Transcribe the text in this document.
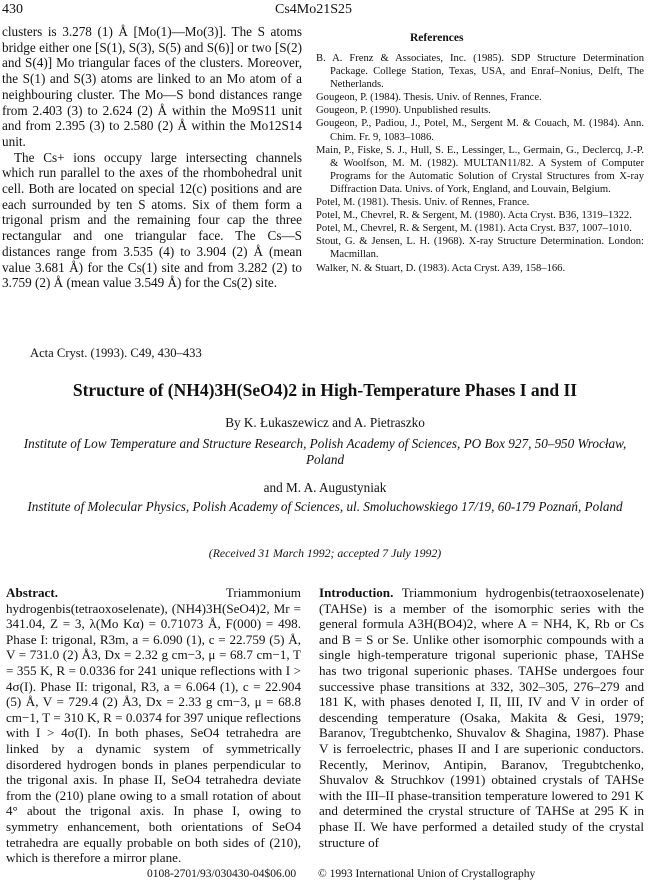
430	Cs4Mo21S25

clusters is 3.278 (1) Å [Mo(1)—Mo(3)]. The S atoms bridge either one [S(1), S(3), S(5) and S(6)] or two [S(2) and S(4)] Mo triangular faces of the clusters. Moreover, the S(1) and S(3) atoms are linked to an Mo atom of a neighbouring cluster. The Mo—S bond distances range from 2.403 (3) to 2.624 (2) Å within the Mo9S11 unit and from 2.395 (3) to 2.580 (2) Å within the Mo12S14 unit.

The Cs+ ions occupy large intersecting channels which run parallel to the axes of the rhombohedral unit cell. Both are located on special 12(c) positions and are each surrounded by ten S atoms. Six of them form a trigonal prism and the remaining four cap the three rectangular and one triangular face. The Cs—S distances range from 3.535 (4) to 3.904 (2) Å (mean value 3.681 Å) for the Cs(1) site and from 3.282 (2) to 3.759 (2) Å (mean value 3.549 Å) for the Cs(2) site.

References

B. A. Frenz & Associates, Inc. (1985). SDP Structure Determination Package. College Station, Texas, USA, and Enraf–Nonius, Delft, The Netherlands.

Gougeon, P. (1984). Thesis. Univ. of Rennes, France.

Gougeon, P. (1990). Unpublished results.

Gougeon, P., Padiou, J., Potel, M., Sergent M. & Couach, M. (1984). Ann. Chim. Fr. 9, 1083–1086.

Main, P., Fiske, S. J., Hull, S. E., Lessinger, L., Germain, G., Declercq, J.-P. & Woolfson, M. M. (1982). MULTAN11/82. A System of Computer Programs for the Automatic Solution of Crystal Structures from X-ray Diffraction Data. Univs. of York, England, and Louvain, Belgium.

Potel, M. (1981). Thesis. Univ. of Rennes, France.

Potel, M., Chevrel, R. & Sergent, M. (1980). Acta Cryst. B36, 1319–1322.

Potel, M., Chevrel, R. & Sergent, M. (1981). Acta Cryst. B37, 1007–1010.

Stout, G. & Jensen, L. H. (1968). X-ray Structure Determination. London: Macmillan.

Walker, N. & Stuart, D. (1983). Acta Cryst. A39, 158–166.

Acta Cryst. (1993). C49, 430–433
Structure of (NH4)3H(SeO4)2 in High-Temperature Phases I and II
By K. Łukaszewicz and A. Pietraszko
Institute of Low Temperature and Structure Research, Polish Academy of Sciences, PO Box 927, 50–950 Wrocław, Poland
and M. A. Augustyniak
Institute of Molecular Physics, Polish Academy of Sciences, ul. Smoluchowskiego 17/19, 60-179 Poznań, Poland
(Received 31 March 1992; accepted 7 July 1992)

Abstract.	Triammonium hydrogenbis(tetraoxoselenate), (NH4)3H(SeO4)2, Mr = 341.04, Z = 3, λ(Mo Kα) = 0.71073 Å, F(000) = 498. Phase I: trigonal, R3m, a = 6.090 (1), c = 22.759 (5) Å, V = 731.0 (2) Å3, Dx = 2.32 g cm−3, μ = 68.7 cm−1, T = 355 K, R = 0.0336 for 241 unique reflections with I > 4σ(I). Phase II: trigonal, R3, a = 6.064 (1), c = 22.904 (5) Å, V = 729.4 (2) Å3, Dx = 2.33 g cm−3, μ = 68.8 cm−1, T = 310 K, R = 0.0374 for 397 unique reflections with I > 4σ(I). In both phases, SeO4 tetrahedra are linked by a dynamic system of symmetrically disordered hydrogen bonds in planes perpendicular to the trigonal axis. In phase II, SeO4 tetrahedra deviate from the (210) plane owing to a small rotation of about 4° about the trigonal axis. In phase I, owing to symmetry enhancement, both orientations of SeO4 tetrahedra are equally probable on both sides of (210), which is therefore a mirror plane.

Introduction. Triammonium hydrogenbis(tetraoxoselenate) (TAHSe) is a member of the isomorphic series with the general formula A3H(BO4)2, where A = NH4, K, Rb or Cs and B = S or Se. Unlike other isomorphic compounds with a single high-temperature trigonal superionic phase, TAHSe has two trigonal superionic phases. TAHSe undergoes four successive phase transitions at 332, 302–305, 276–279 and 181 K, with phases denoted I, II, III, IV and V in order of descending temperature (Osaka, Makita & Gesi, 1979; Baranov, Tregubtchenko, Shuvalov & Shagina, 1987). Phase V is ferroelectric, phases II and I are superionic conductors. Recently, Merinov, Antipin, Baranov, Tregubtchenko, Shuvalov & Struchkov (1991) obtained crystals of TAHSe with the III–II phase-transition temperature lowered to 291 K and determined the crystal structure of TAHSe at 295 K in phase II. We have performed a detailed study of the crystal structure of

0108-2701/93/030430-04$06.00 © 1993 International Union of Crystallography
